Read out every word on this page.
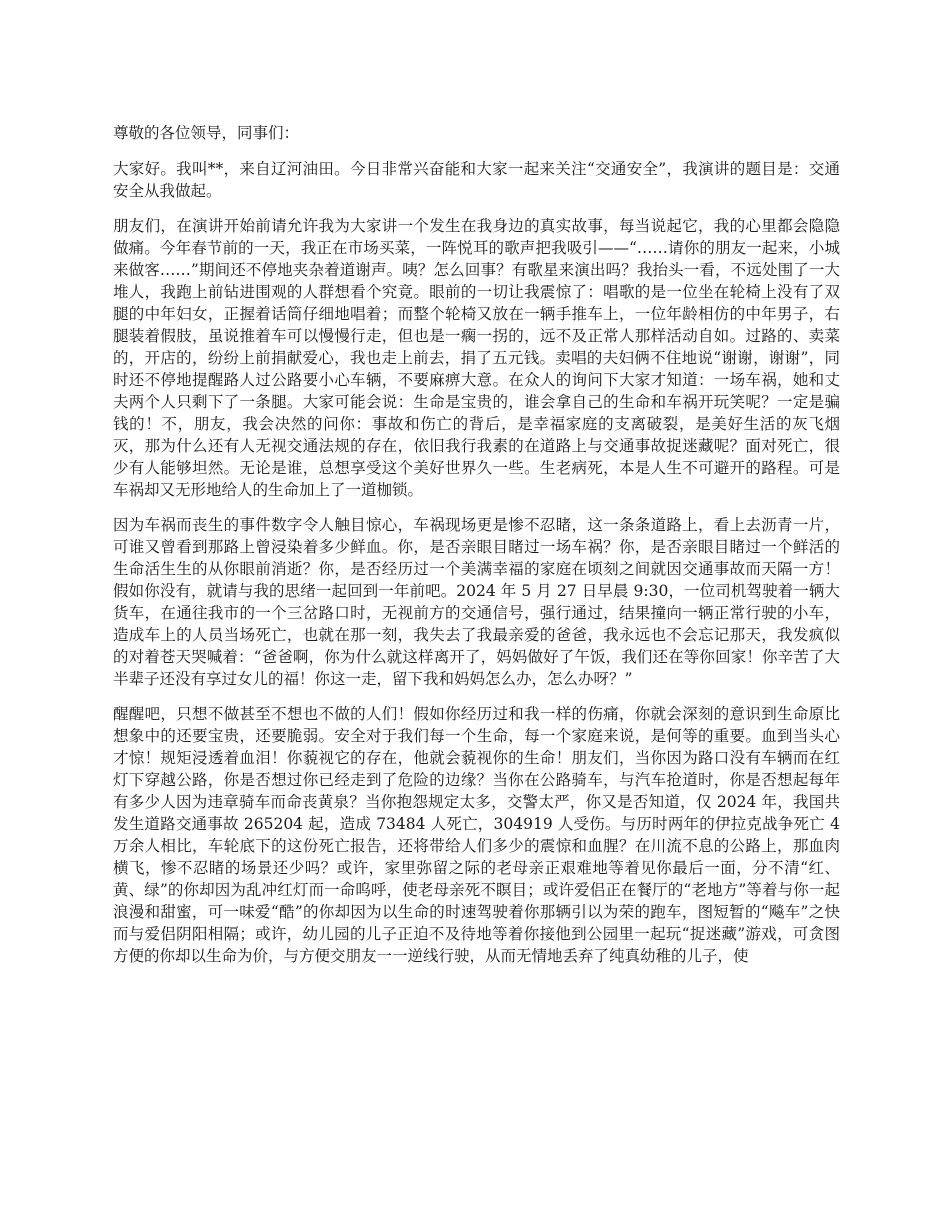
尊敬的各位领导，同事们：

大家好。我叫**，来自辽河油田。今日非常兴奋能和大家一起来关注“交通安全”，我演讲的题目是：交通安全从我做起。

朋友们，在演讲开始前请允许我为大家讲一个发生在我身边的真实故事，每当说起它，我的心里都会隐隐做痛。今年春节前的一天，我正在市场买菜，一阵悦耳的歌声把我吸引——“……请你的朋友一起来，小城来做客……”期间还不停地夹杂着道谢声。咦？怎么回事？有歌星来演出吗？我抬头一看，不远处围了一大堆人，我跑上前钻进围观的人群想看个究竟。眼前的一切让我震惊了：唱歌的是一位坐在轮椅上没有了双腿的中年妇女，正握着话筒仔细地唱着；而整个轮椅又放在一辆手推车上，一位年龄相仿的中年男子，右腿装着假肢，虽说推着车可以慢慢行走，但也是一瘸一拐的，远不及正常人那样活动自如。过路的、卖菜的，开店的，纷纷上前捐献爱心，我也走上前去，捐了五元钱。卖唱的夫妇俩不住地说“谢谢，谢谢”，同时还不停地提醒路人过公路要小心车辆，不要麻痹大意。在众人的询问下大家才知道：一场车祸，她和丈夫两个人只剩下了一条腿。大家可能会说：生命是宝贵的，谁会拿自己的生命和车祸开玩笑呢？一定是骗钱的！不，朋友，我会决然的问你：事故和伤亡的背后，是幸福家庭的支离破裂，是美好生活的灰飞烟灭，那为什么还有人无视交通法规的存在，依旧我行我素的在道路上与交通事故捉迷藏呢？面对死亡，很少有人能够坦然。无论是谁，总想享受这个美好世界久一些。生老病死，本是人生不可避开的路程。可是车祸却又无形地给人的生命加上了一道枷锁。

因为车祸而丧生的事件数字令人触目惊心，车祸现场更是惨不忍睹，这一条条道路上，看上去沥青一片，可谁又曾看到那路上曾浸染着多少鲜血。你，是否亲眼目睹过一场车祸？你，是否亲眼目睹过一个鲜活的生命活生生的从你眼前消逝？你，是否经历过一个美满幸福的家庭在顷刻之间就因交通事故而天隔一方！假如你没有，就请与我的思绪一起回到一年前吧。2024 年 5 月 27 日早晨 9:30，一位司机驾驶着一辆大货车，在通往我市的一个三岔路口时，无视前方的交通信号，强行通过，结果撞向一辆正常行驶的小车，造成车上的人员当场死亡，也就在那一刻，我失去了我最亲爱的爸爸，我永远也不会忘记那天，我发疯似的对着苍天哭喊着：“爸爸啊，你为什么就这样离开了，妈妈做好了午饭，我们还在等你回家！你辛苦了大半辈子还没有享过女儿的福！你这一走，留下我和妈妈怎么办，怎么办呀？”

醒醒吧，只想不做甚至不想也不做的人们！假如你经历过和我一样的伤痛，你就会深刻的意识到生命原比想象中的还要宝贵，还要脆弱。安全对于我们每一个生命，每一个家庭来说，是何等的重要。血到当头心才惊！规矩浸透着血泪！你藐视它的存在，他就会藐视你的生命！朋友们，当你因为路口没有车辆而在红灯下穿越公路，你是否想过你已经走到了危险的边缘？当你在公路骑车，与汽车抢道时，你是否想起每年有多少人因为违章骑车而命丧黄泉？当你抱怨规定太多，交警太严，你又是否知道，仅 2024 年，我国共发生道路交通事故 265204 起，造成 73484 人死亡，304919 人受伤。与历时两年的伊拉克战争死亡 4 万余人相比，车轮底下的这份死亡报告，还将带给人们多少的震惊和血腥？在川流不息的公路上，那血肉横飞，惨不忍睹的场景还少吗？或许，家里弥留之际的老母亲正艰难地等着见你最后一面，分不清“红、黄、绿”的你却因为乱冲红灯而一命呜呼，使老母亲死不瞑目；或许爱侣正在餐厅的“老地方”等着与你一起浪漫和甜蜜，可一味爱“酷”的你却因为以生命的时速驾驶着你那辆引以为荣的跑车，图短暂的“飚车”之快而与爱侣阴阳相隔；或许，幼儿园的儿子正迫不及待地等着你接他到公园里一起玩“捉迷藏”游戏，可贪图方便的你却以生命为价，与方便交朋友一一逆线行驶，从而无情地丢弃了纯真幼稚的儿子，使
